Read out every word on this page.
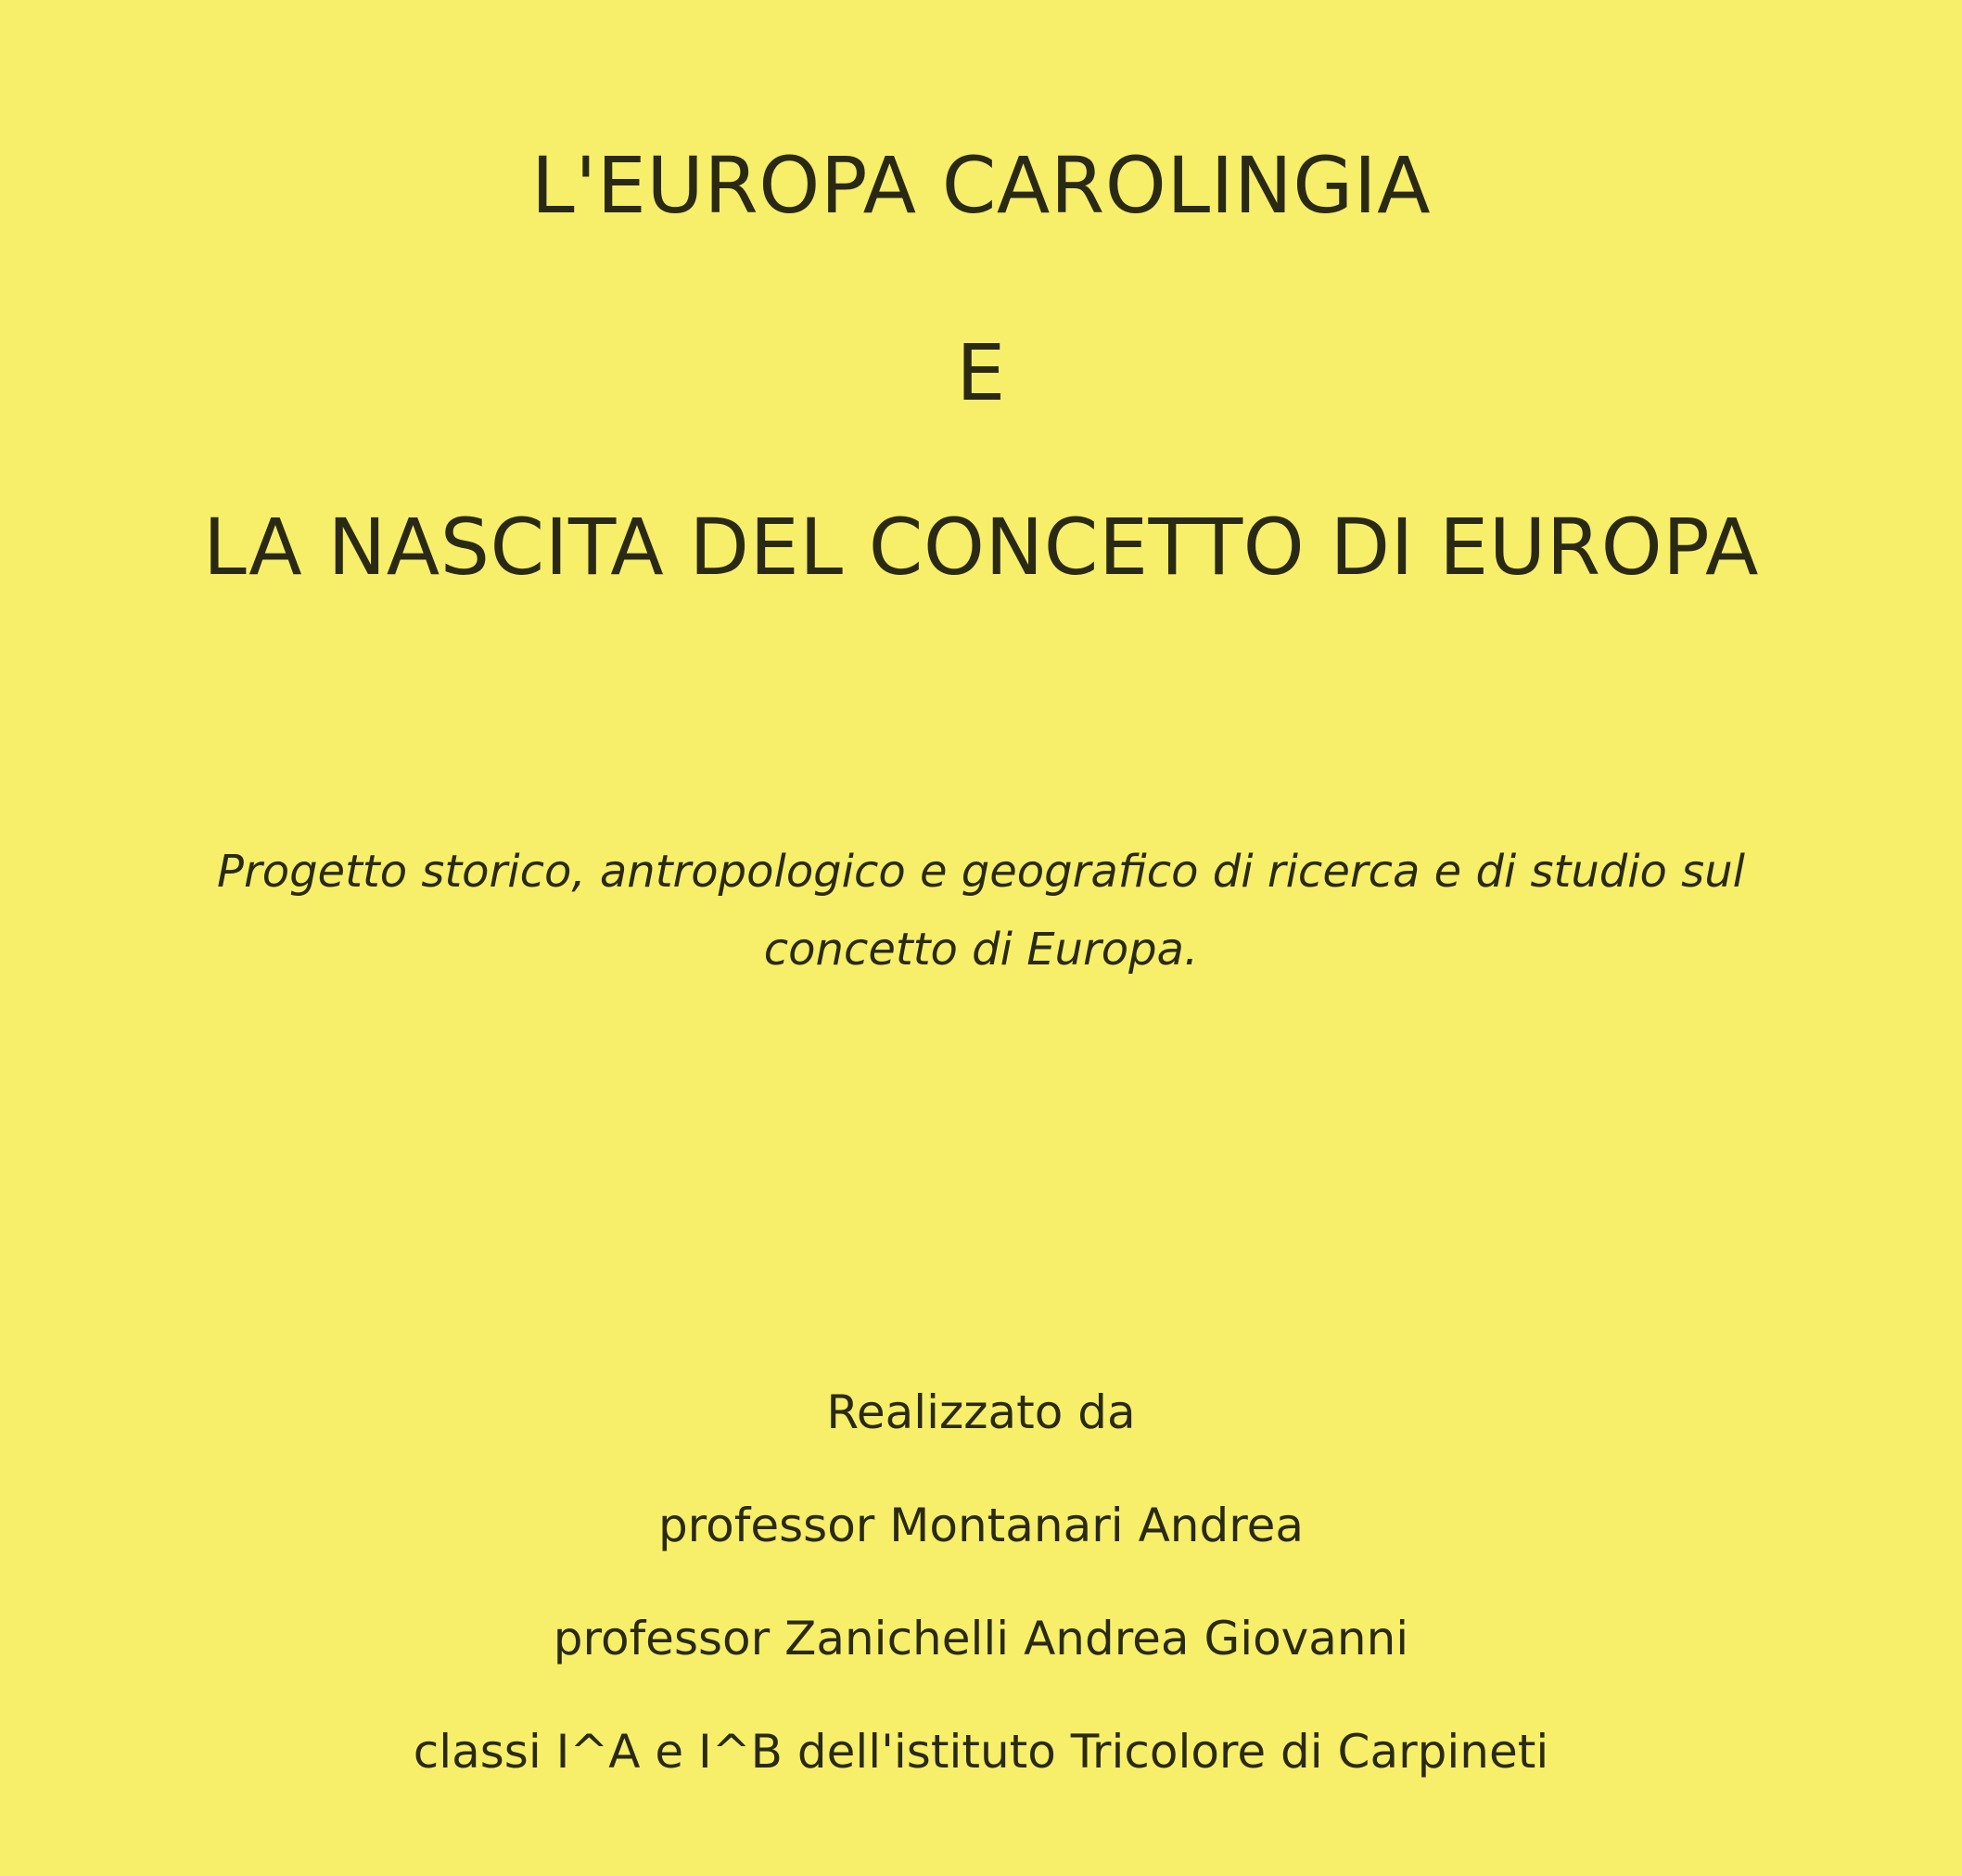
L'EUROPA CAROLINGIA
E
LA NASCITA DEL CONCETTO DI EUROPA
Progetto storico, antropologico e geografico di ricerca e di studio sul
concetto di Europa.
Realizzato da
professor Montanari Andrea
professor Zanichelli Andrea Giovanni
classi I^A e I^B dell'istituto Tricolore di Carpineti
